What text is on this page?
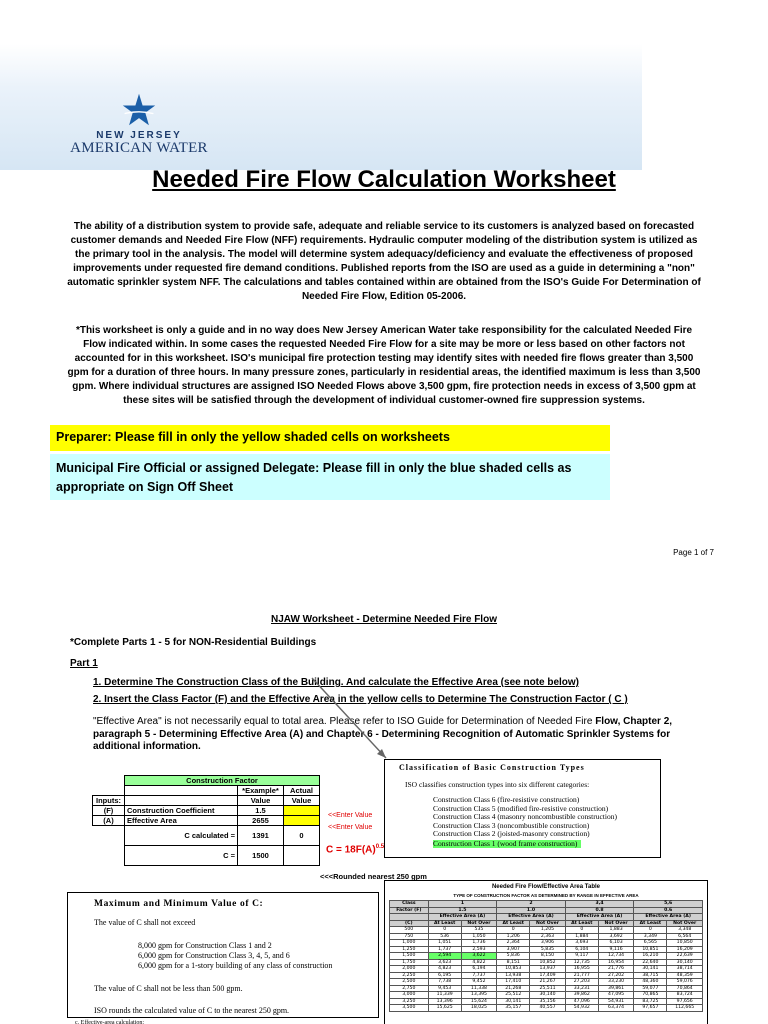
NEW JERSEY
AMERICAN WATER
Needed Fire Flow Calculation Worksheet

The ability of a distribution system to provide safe, adequate and reliable service to its customers is analyzed based on forecasted customer demands and Needed Fire Flow (NFF) requirements. Hydraulic computer modeling of the distribution system is utilized as the primary tool in the analysis. The model will determine system adequacy/deficiency and evaluate the effectiveness of proposed improvements under requested fire demand conditions. Published reports from the ISO are used as a guide in determining a "non" automatic sprinkler system NFF. The calculations and tables contained within are obtained from the ISO's Guide For Determination of Needed Fire Flow, Edition 05-2006.

*This worksheet is only a guide and in no way does New Jersey American Water take responsibility for the calculated Needed Fire Flow indicated within. In some cases the requested Needed Fire Flow for a site may be more or less based on other factors not accounted for in this worksheet. ISO's municipal fire protection testing may identify sites with needed fire flows greater than 3,500 gpm for a duration of three hours. In many pressure zones, particularly in residential areas, the identified maximum is less than 3,500 gpm. Where individual structures are assigned ISO Needed Flows above 3,500 gpm, fire protection needs in excess of 3,500 gpm at these sites will be satisfied through the development of individual customer-owned fire suppression systems.

Preparer: Please fill in only the yellow shaded cells on worksheets
Municipal Fire Official or assigned Delegate: Please fill in only the blue shaded cells as appropriate on Sign Off Sheet
Page 1 of 7
NJAW Worksheet - Determine Needed Fire Flow
*Complete Parts 1 - 5 for NON-Residential Buildings
Part 1
1. Determine The Construction Class of the Building. And calculate the Effective Area (see note below)
2. Insert the Class Factor (F) and the Effective Area in the yellow cells to Determine The Construction Factor ( C )
"Effective Area" is not necessarily equal to total area. Please refer to ISO Guide for Determination of Needed Fire Flow, Chapter 2, paragraph 5 - Determining Effective Area (A) and Chapter 6 - Determining Recognition of Automatic Sprinkler Systems for additional information.
	Construction Factor		
		*Example*	Actual
Inputs:		Value	Value
(F)	Construction Coefficient	1.5	
(A)	Effective Area	2655	
	C calculated =	1391	0
	C =	1500	
<<Enter Value
<<Enter Value
$C = 18F(A)^{0.5}$
<<<Rounded nearest 250 gpm
Classification of Basic Construction Types
ISO classifies construction types into six different categories:
Construction Class 6 (fire-resistive construction)
Construction Class 5 (modified fire-resistive construction)
Construction Class 4 (masonry noncombustible construction)
Construction Class 3 (noncombustible construction)
Construction Class 2 (joisted-masonry construction)
Construction Class 1 (wood frame construction)
Maximum and Minimum Value of C:
The value of C shall not exceed
8,000 gpm for Construction Class 1 and 2
6,000 gpm for Construction Class 3, 4, 5, and 6
6,000 gpm for a 1-story building of any class of construction
The value of C shall not be less than 500 gpm.
ISO rounds the calculated value of C to the nearest 250 gpm.
c. Effective-area calculation:
Needed Fire Flow/Effective Area Table
TYPE OF CONSTRUCTION FACTOR AS DETERMINED BY RANGE IN EFFECTIVE AREA
Class	1		2		3,4		5,6	
Factor (F)	1.5		1.0		0.8		0.6	
	Effective Area (A)		Effective Area (A)		Effective Area (A)		Effective Area (A)	
(C)	At Least	Not Over	At Least	Not Over	At Least	Not Over	At Least	Not Over
500	0	535	0	1,205	0	1,883	0	3,348
750	536	1,050	1,206	2,363	1,884	3,692	3,349	6,564
1,000	1,051	1,736	2,364	3,906	3,693	6,103	6,565	10,850
1,250	1,737	2,593	3,907	5,835	6,104	9,116	10,851	16,209
1,500	2,594	3,622	5,836	8,150	9,117	12,734	16,210	22,639
1,750	3,623	4,822	8,151	10,852	12,735	16,954	22,640	30,140
2,000	4,823	6,194	10,853	13,937	16,955	21,776	30,141	38,714
2,250	6,195	7,737	13,938	17,409	21,777	27,202	38,715	48,359
2,500	7,738	9,452	17,410	21,267	27,203	33,230	48,360	59,076
2,750	9,453	11,338	21,268	25,511	33,231	39,861	59,077	70,864
3,000	11,339	13,395	25,512	30,140	39,862	47,095	70,865	83,724
3,250	13,396	15,624	30,141	35,156	47,096	54,931	83,725	97,656
3,500	15,625	18,025	35,157	40,557	54,932	63,374	97,657	112,665
